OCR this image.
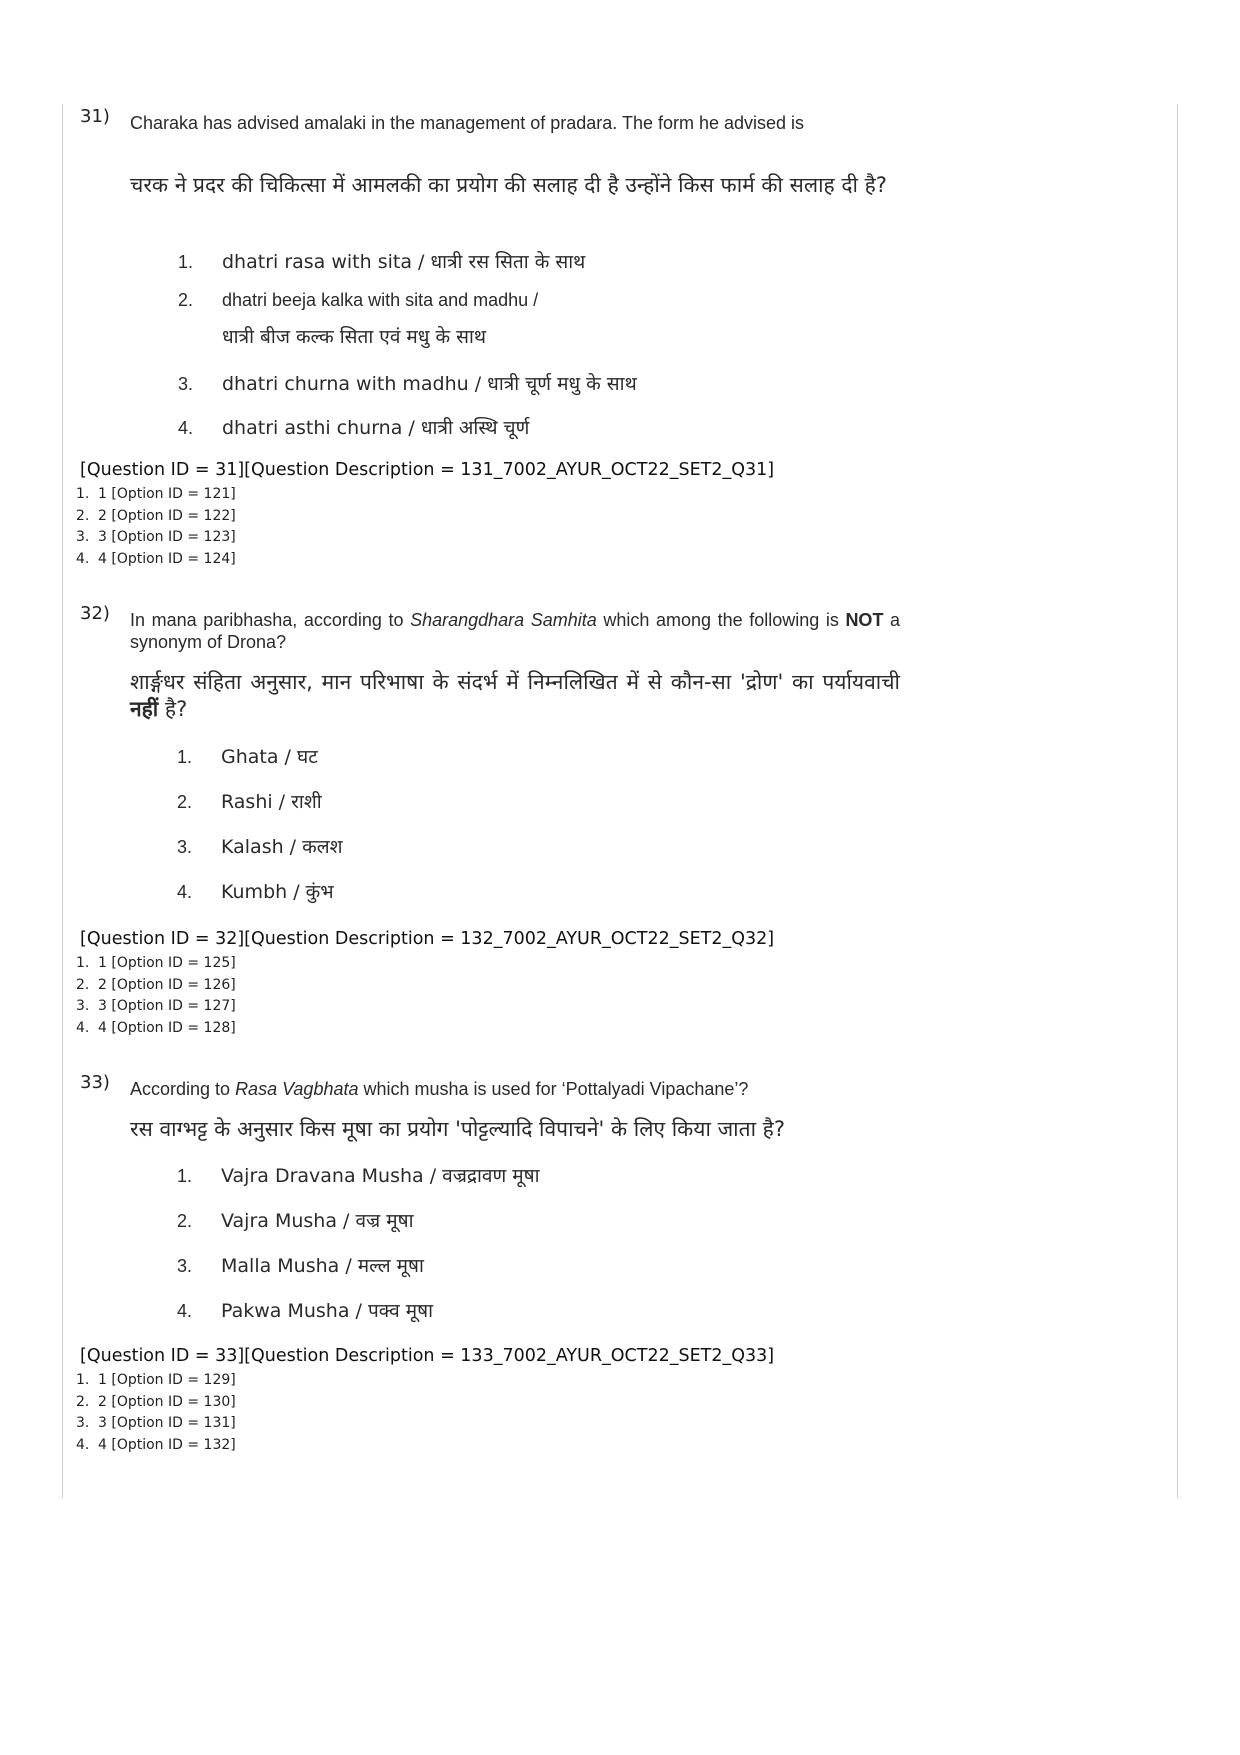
31) Charaka has advised amalaki in the management of pradara. The form he advised is
चरक ने प्रदर की चिकित्सा में आमलकी का प्रयोग की सलाह दी है उन्होंने किस फार्म की सलाह दी है?
1. dhatri rasa with sita / धात्री रस सिता के साथ
2. dhatri beeja kalka with sita and madhu /
धात्री बीज कल्क सिता एवं मधु के साथ
3. dhatri churna with madhu / धात्री चूर्ण मधु के साथ
4. dhatri asthi churna / धात्री अस्थि चूर्ण
[Question ID = 31][Question Description = 131_7002_AYUR_OCT22_SET2_Q31]
1. 1 [Option ID = 121]
2. 2 [Option ID = 122]
3. 3 [Option ID = 123]
4. 4 [Option ID = 124]
32) In mana paribhasha, according to Sharangdhara Samhita which among the following is NOT a synonym of Drona?
शार्ङ्गधर संहिता अनुसार, मान परिभाषा के संदर्भ में निम्नलिखित में से कौन-सा 'द्रोण' का पर्यायवाची नहीं है?
1. Ghata / घट
2. Rashi / राशी
3. Kalash / कलश
4. Kumbh / कुंभ
[Question ID = 32][Question Description = 132_7002_AYUR_OCT22_SET2_Q32]
1. 1 [Option ID = 125]
2. 2 [Option ID = 126]
3. 3 [Option ID = 127]
4. 4 [Option ID = 128]
33) According to Rasa Vagbhata which musha is used for ‘Pottalyadi Vipachane’?
रस वाग्भट्ट के अनुसार किस मूषा का प्रयोग 'पोट्टल्यादि विपाचने' के लिए किया जाता है?
1. Vajra Dravana Musha / वज्रद्रावण मूषा
2. Vajra Musha / वज्र मूषा
3. Malla Musha / मल्ल मूषा
4. Pakwa Musha / पक्व मूषा
[Question ID = 33][Question Description = 133_7002_AYUR_OCT22_SET2_Q33]
1. 1 [Option ID = 129]
2. 2 [Option ID = 130]
3. 3 [Option ID = 131]
4. 4 [Option ID = 132]
